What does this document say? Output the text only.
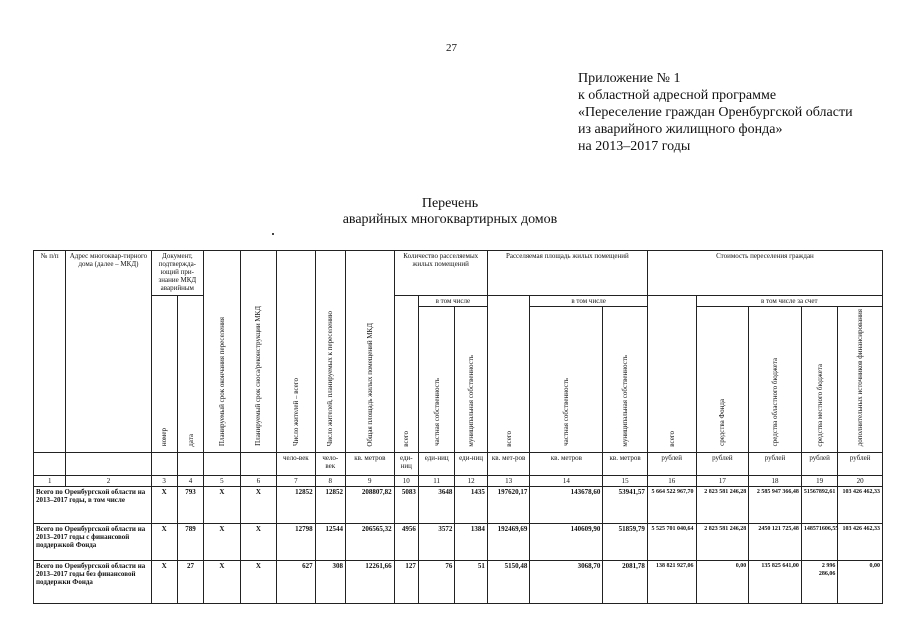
27
Приложение № 1
к областной адресной программе
«Переселение граждан Оренбургской области
из аварийного жилищного фонда»
на 2013–2017 годы
Перечень
аварийных многоквартирных домов
№ п/п	Адрес многоквар-тирного дома (далее – МКД)	Документ, подтвержда-ющий при-знание МКД аварийным		Планируемый срок окончания переселения	Планируемый срок сноса/реконструкции МКД	Число жителей – всего	Число жителей, планируемых к переселению	Общая площадь жилых помещений МКД	Количество расселяемых жилых помещений			Расселяемая площадь жилых помещений			Стоимость переселения граждан				
		номер	дата						всего	в том числе		всего	в том числе		всего	в том числе за счет			
										частная собственность	муниципальная собственность		частная собственность	муниципальная собственность		средства Фонда	средства областного бюджета	средства местного бюджета	дополнительных источников финансирования
						чело-век	чело-век	кв. метров	еди-ниц	еди-ниц	еди-ниц	кв. мет-ров	кв. метров	кв. метров	рублей	рублей	рублей	рублей	рублей
1	2	3	4	5	6	7	8	9	10	11	12	13	14	15	16	17	18	19	20
Всего по Оренбургской области на 2013–2017 годы, в том числе		X	793	X	X	12852	12852	208807,82	5083	3648	1435	197620,17	143678,60	53941,57	5 664 522 967,70	2 823 581 246,28	2 585 947 366,48	51567892,61	103 426 462,33
Всего по Оренбургской области на 2013–2017 годы с финансовой поддержкой Фонда		X	789	X	X	12798	12544	206565,32	4956	3572	1384	192469,69	140609,90	51859,79	5 525 701 040,64	2 823 581 246,28	2450 121 725,48	148571606,55	103 426 462,33
Всего по Оренбургской области на 2013–2017 годы без финансовой поддержки Фонда		X	27	X	X	627	308	12261,66	127	76	51	5150,48	3068,70	2081,78	138 821 927,06	0,00	135 825 641,00	2 996 286,06	0,00
